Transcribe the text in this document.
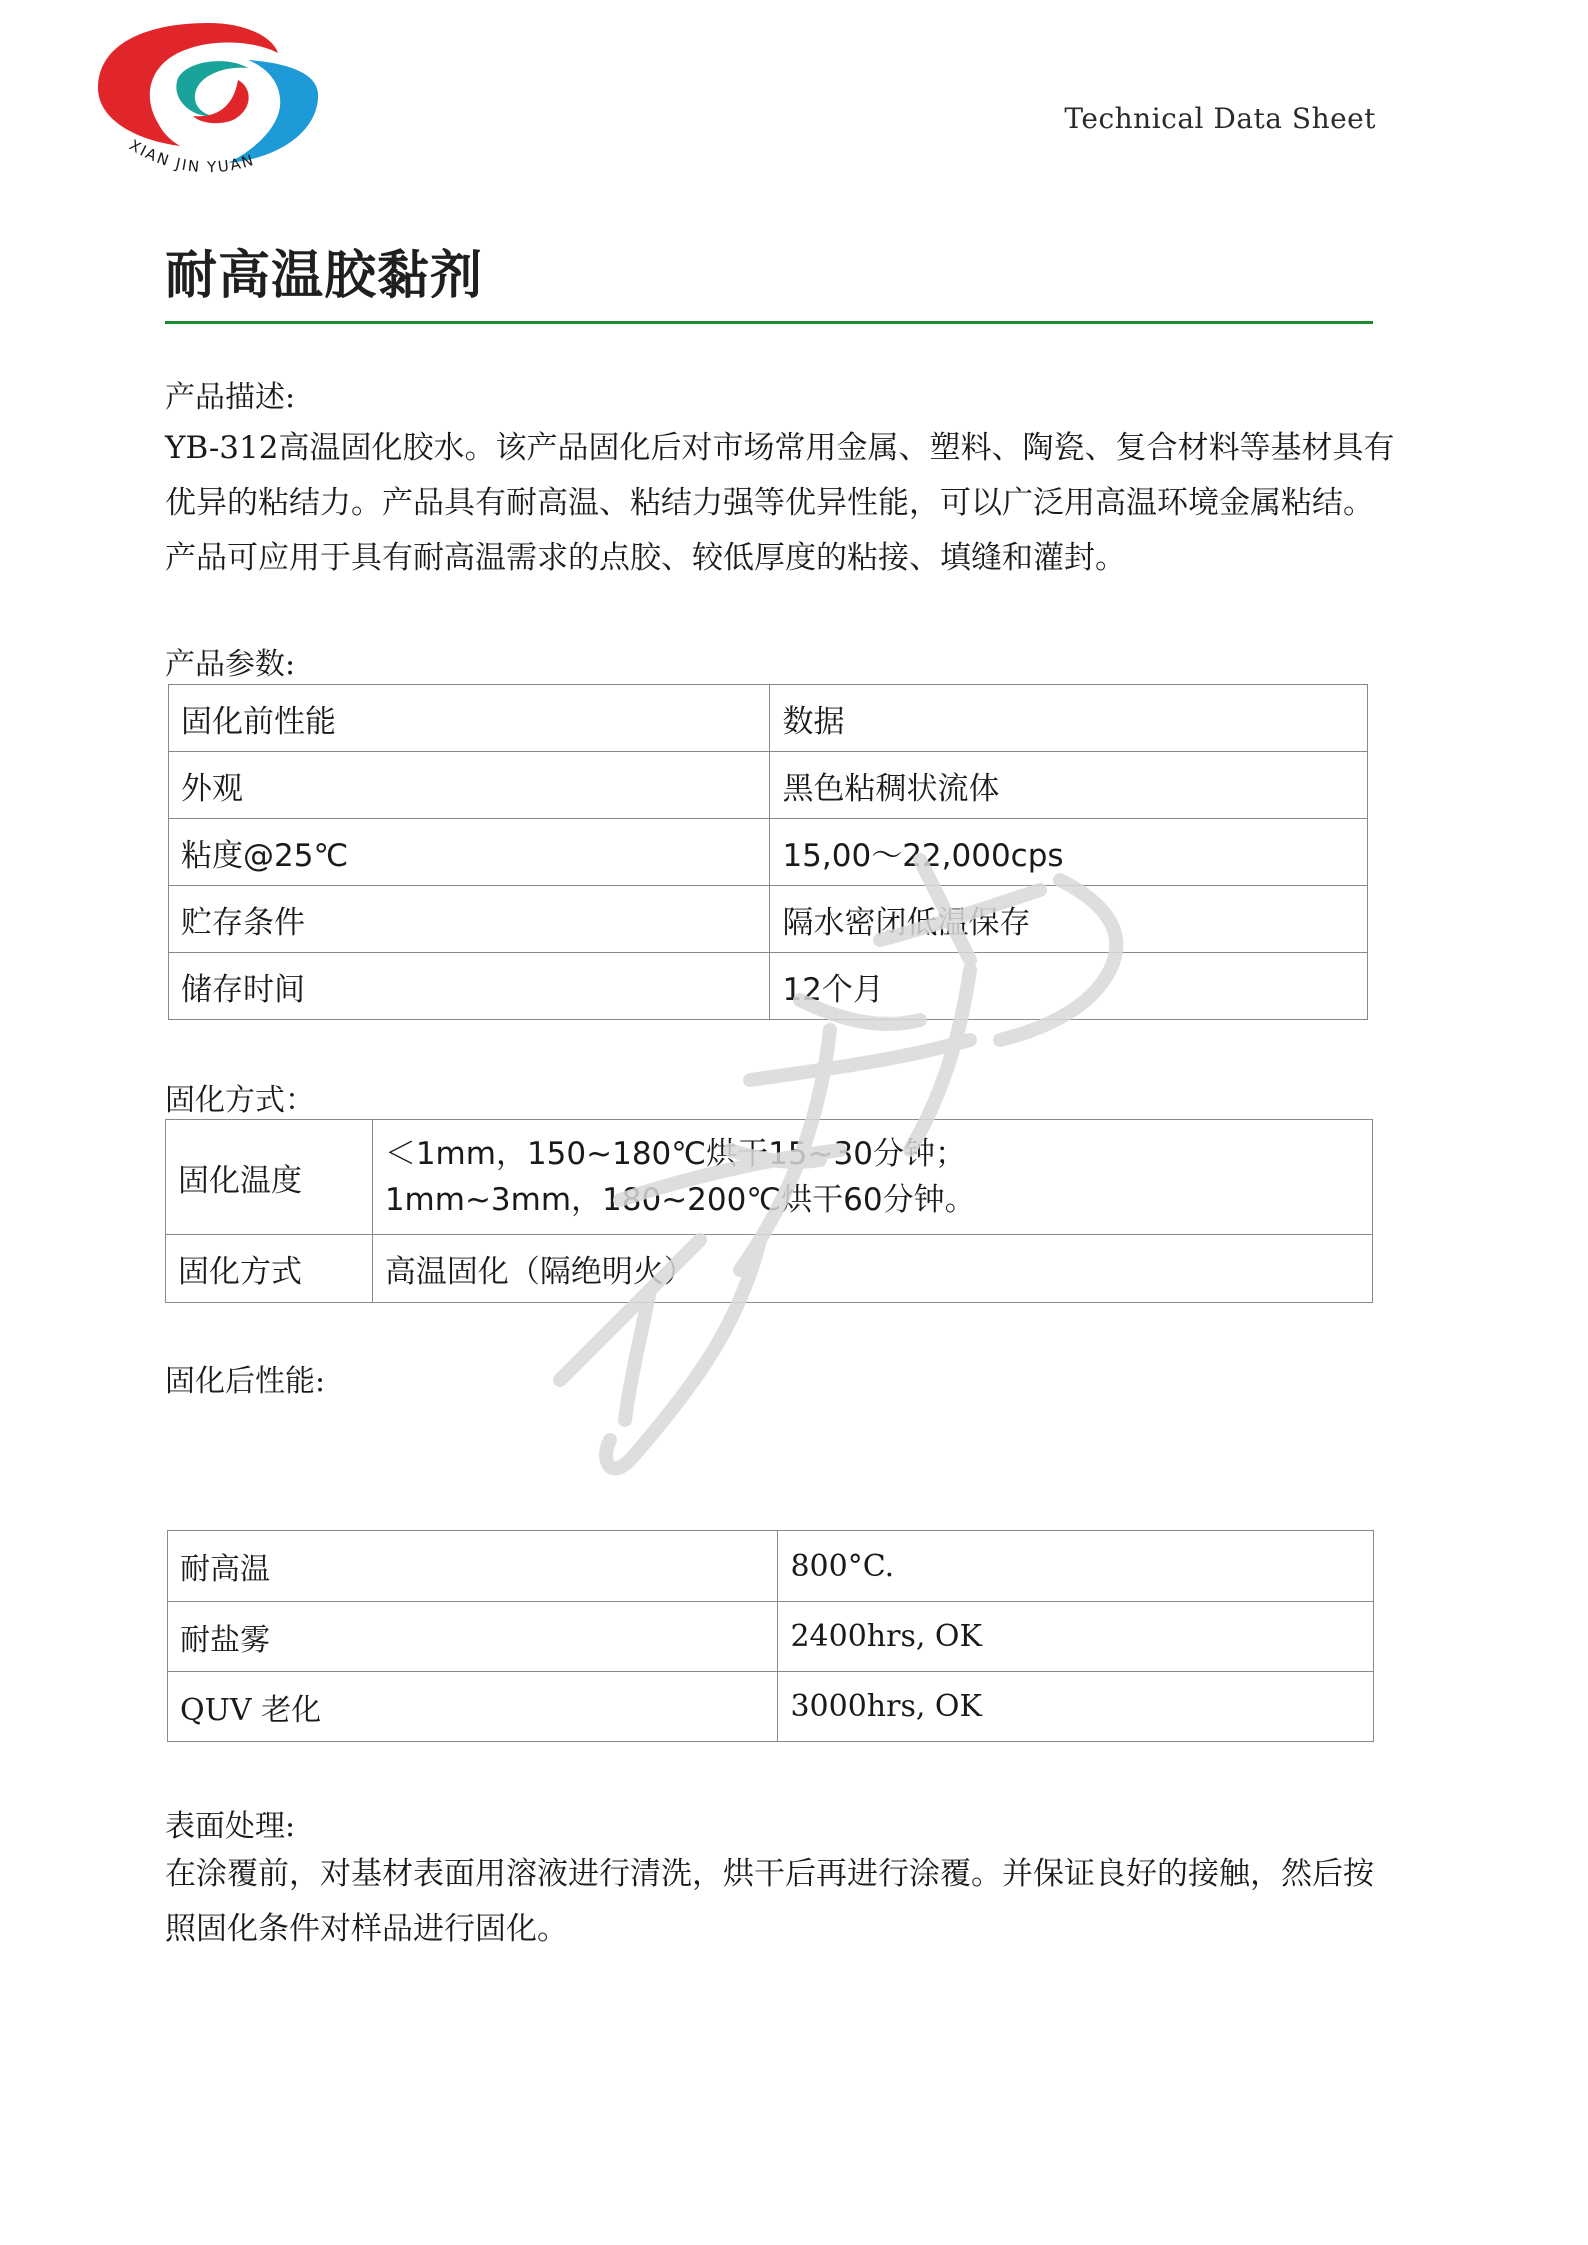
XIAN JIN YUAN
Technical Data Sheet
耐高温胶黏剂
产品描述:

YB-312高温固化胶水。该产品固化后对市场常用金属、塑料、陶瓷、复合材料等基材具有优异的粘结力。产品具有耐高温、粘结力强等优异性能，可以广泛用高温环境金属粘结。产品可应用于具有耐高温需求的点胶、较低厚度的粘接、填缝和灌封。

产品参数:
固化前性能	数据
外观	黑色粘稠状流体
粘度@25℃	15,00～22,000cps
贮存条件	隔水密闭低温保存
储存时间	12个月
固化方式：
固化温度	＜1mm，150~180℃烘干15~30分钟；
1mm~3mm，180~200℃烘干60分钟。
固化方式	高温固化（隔绝明火）
固化后性能:
耐高温	800°C.
耐盐雾	2400hrs, OK
QUV 老化	3000hrs, OK
表面处理:

在涂覆前，对基材表面用溶液进行清洗，烘干后再进行涂覆。并保证良好的接触，然后按照固化条件对样品进行固化。
